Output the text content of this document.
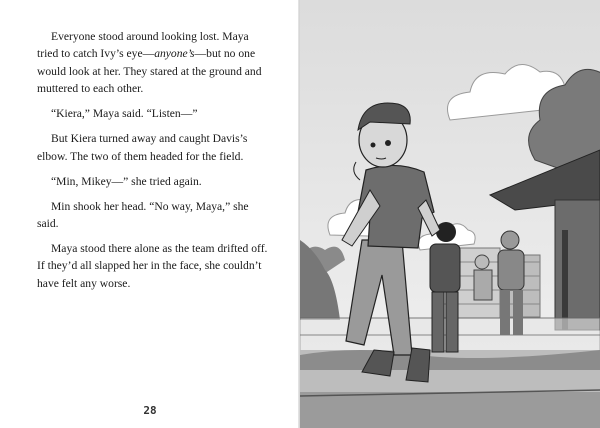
Everyone stood around looking lost. Maya tried to catch Ivy’s eye—anyone’s—but no one would look at her. They stared at the ground and muttered to each other.

“Kiera,” Maya said. “Listen—”

But Kiera turned away and caught Davis’s elbow. The two of them headed for the field.

“Min, Mikey—” she tried again.

Min shook her head. “No way, Maya,” she said.

Maya stood there alone as the team drifted off. If they’d all slapped her in the face, she couldn’t have felt any worse.

28
